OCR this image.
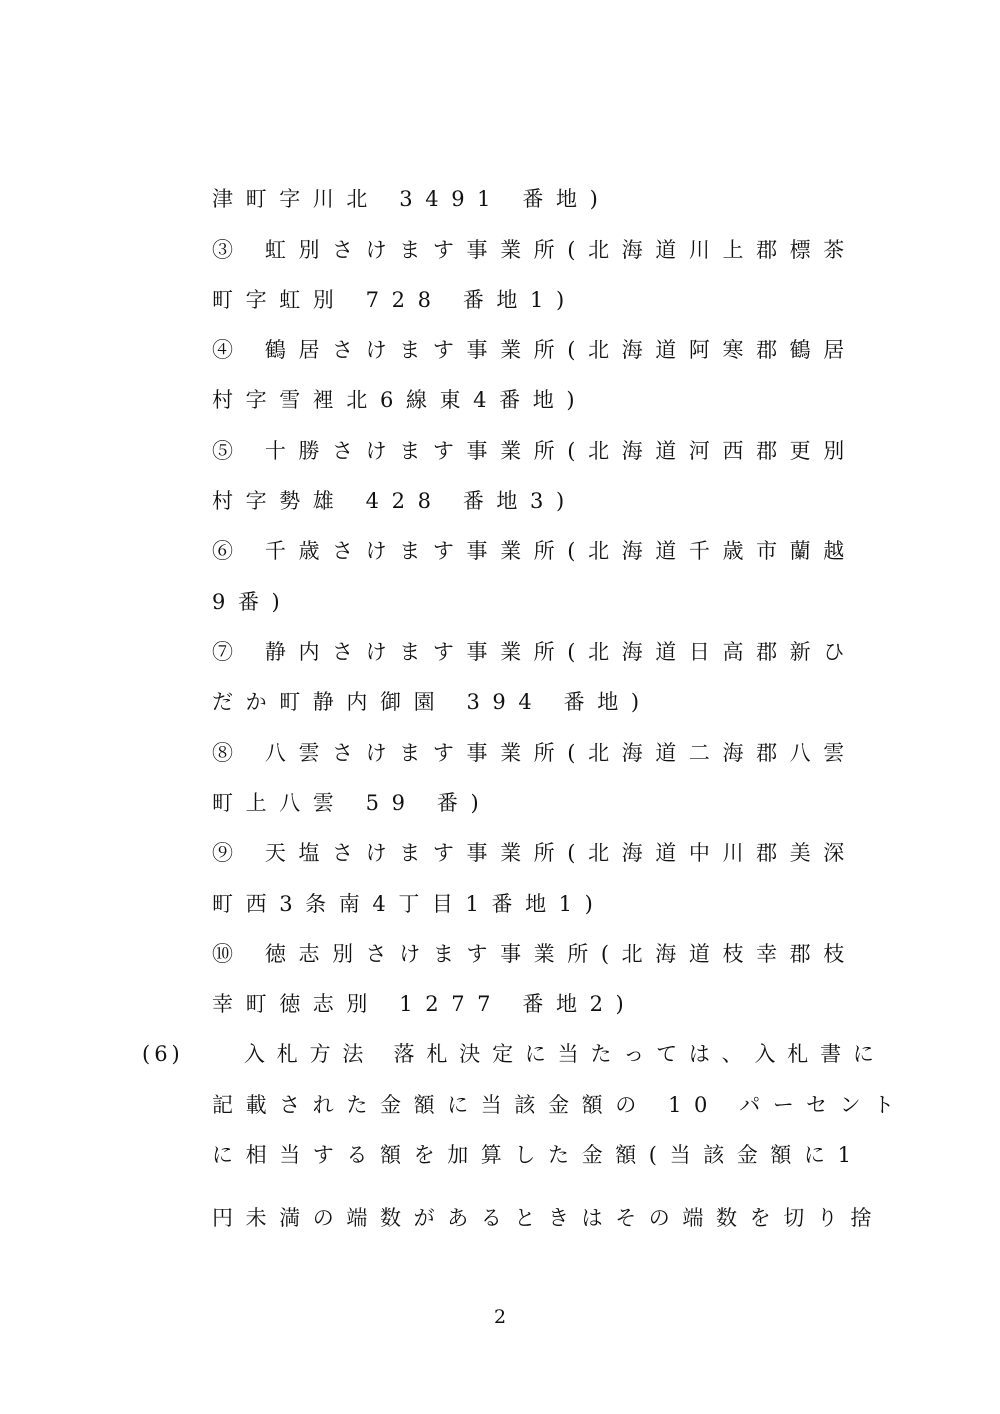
津町字川北 3491 番地)
③ 虹別さけます事業所(北海道川上郡標茶
町字虹別 728 番地1)
④ 鶴居さけます事業所(北海道阿寒郡鶴居
村字雪裡北6線東4番地)
⑤ 十勝さけます事業所(北海道河西郡更別
村字勢雄 428 番地3)
⑥ 千歳さけます事業所(北海道千歳市蘭越
9番)
⑦ 静内さけます事業所(北海道日高郡新ひ
だか町静内御園 394 番地)
⑧ 八雲さけます事業所(北海道二海郡八雲
町上八雲 59 番)
⑨ 天塩さけます事業所(北海道中川郡美深
町西3条南4丁目1番地1)
⑩ 徳志別さけます事業所(北海道枝幸郡枝
幸町徳志別 1277 番地2)
(6)	入札方法 落札決定に当たっては、入札書に
記載された金額に当該金額の 10 パーセント
に相当する額を加算した金額(当該金額に1
円未満の端数があるときはその端数を切り捨
2
